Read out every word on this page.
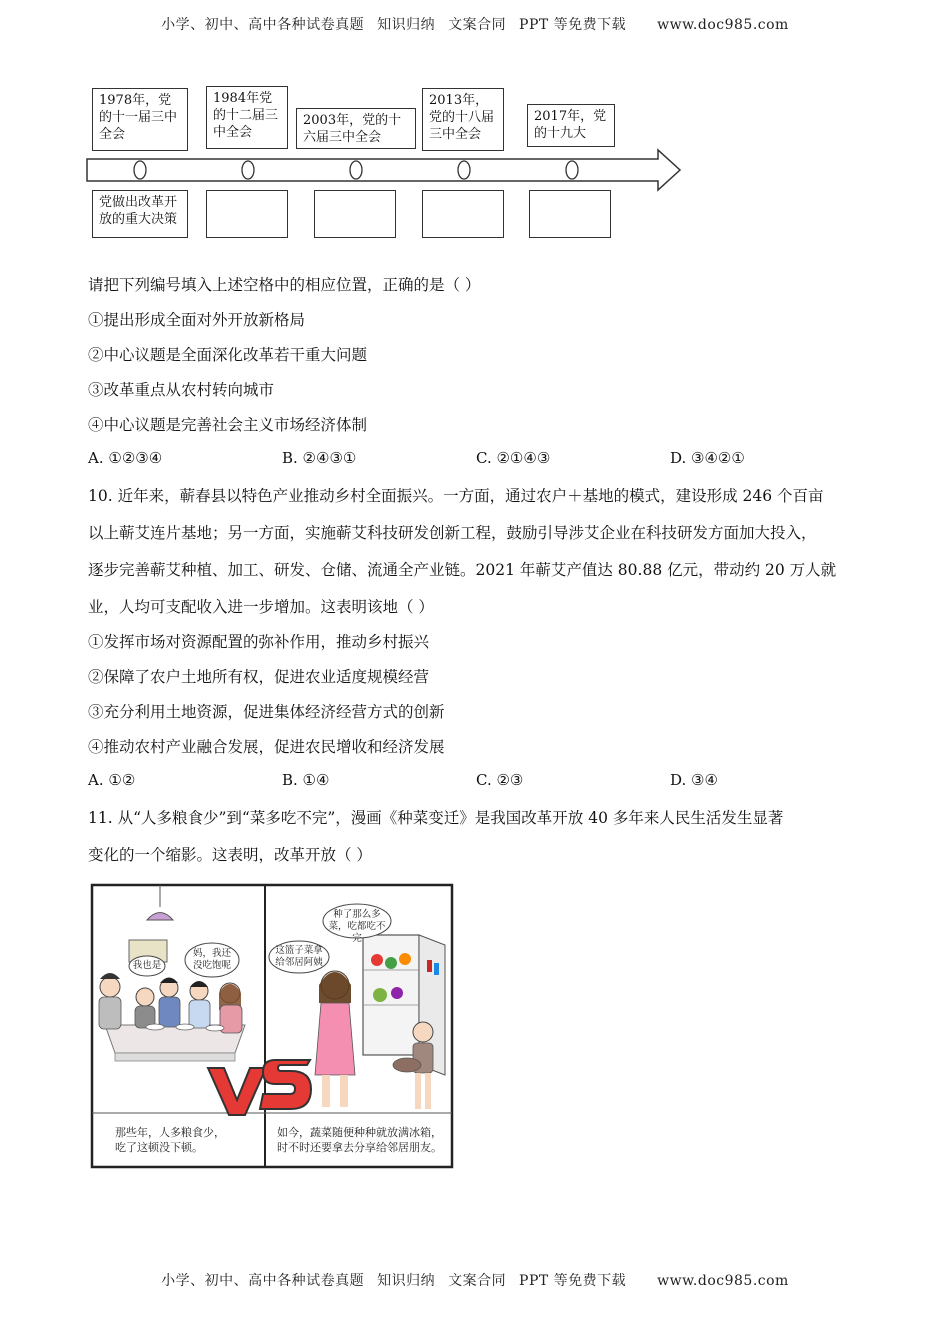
小学、初中、高中各种试卷真题 知识归纳 文案合同 PPT 等免费下载 www.doc985.com
1978年，党的十一届三中全会
1984年党的十二届三中全会
2003年，党的十六届三中全会
2013年，党的十八届三中全会
2017年，党的十九大
党做出改革开放的重大决策
请把下列编号填入上述空格中的相应位置，正确的是（ ）
①提出形成全面对外开放新格局
②中心议题是全面深化改革若干重大问题
③改革重点从农村转向城市
④中心议题是完善社会主义市场经济体制
A. ①②③④	B. ②④③①	C. ②①④③	D. ③④②①
10. 近年来，蕲春县以特色产业推动乡村全面振兴。一方面，通过农户＋基地的模式，建设形成 246 个百亩
以上蕲艾连片基地；另一方面，实施蕲艾科技研发创新工程，鼓励引导涉艾企业在科技研发方面加大投入，
逐步完善蕲艾种植、加工、研发、仓储、流通全产业链。2021 年蕲艾产值达 80.88 亿元，带动约 20 万人就
业，人均可支配收入进一步增加。这表明该地（ ）
①发挥市场对资源配置的弥补作用，推动乡村振兴
②保障了农户土地所有权，促进农业适度规模经营
③充分利用土地资源，促进集体经济经营方式的创新
④推动农村产业融合发展，促进农民增收和经济发展
A. ①②	B. ①④	C. ②③	D. ③④
11. 从“人多粮食少”到“菜多吃不完”，漫画《种菜变迁》是我国改革开放 40 多年来人民生活发生显著
变化的一个缩影。这表明，改革开放（ ）
我也是
妈，我还没吃饱呢
种了那么多菜，吃都吃不完
这篮子菜拿给邻居阿姨
那些年，人多粮食少，
吃了这顿没下顿。
如今，蔬菜随便种种就放满冰箱，
时不时还要拿去分享给邻居朋友。
小学、初中、高中各种试卷真题 知识归纳 文案合同 PPT 等免费下载 www.doc985.com
